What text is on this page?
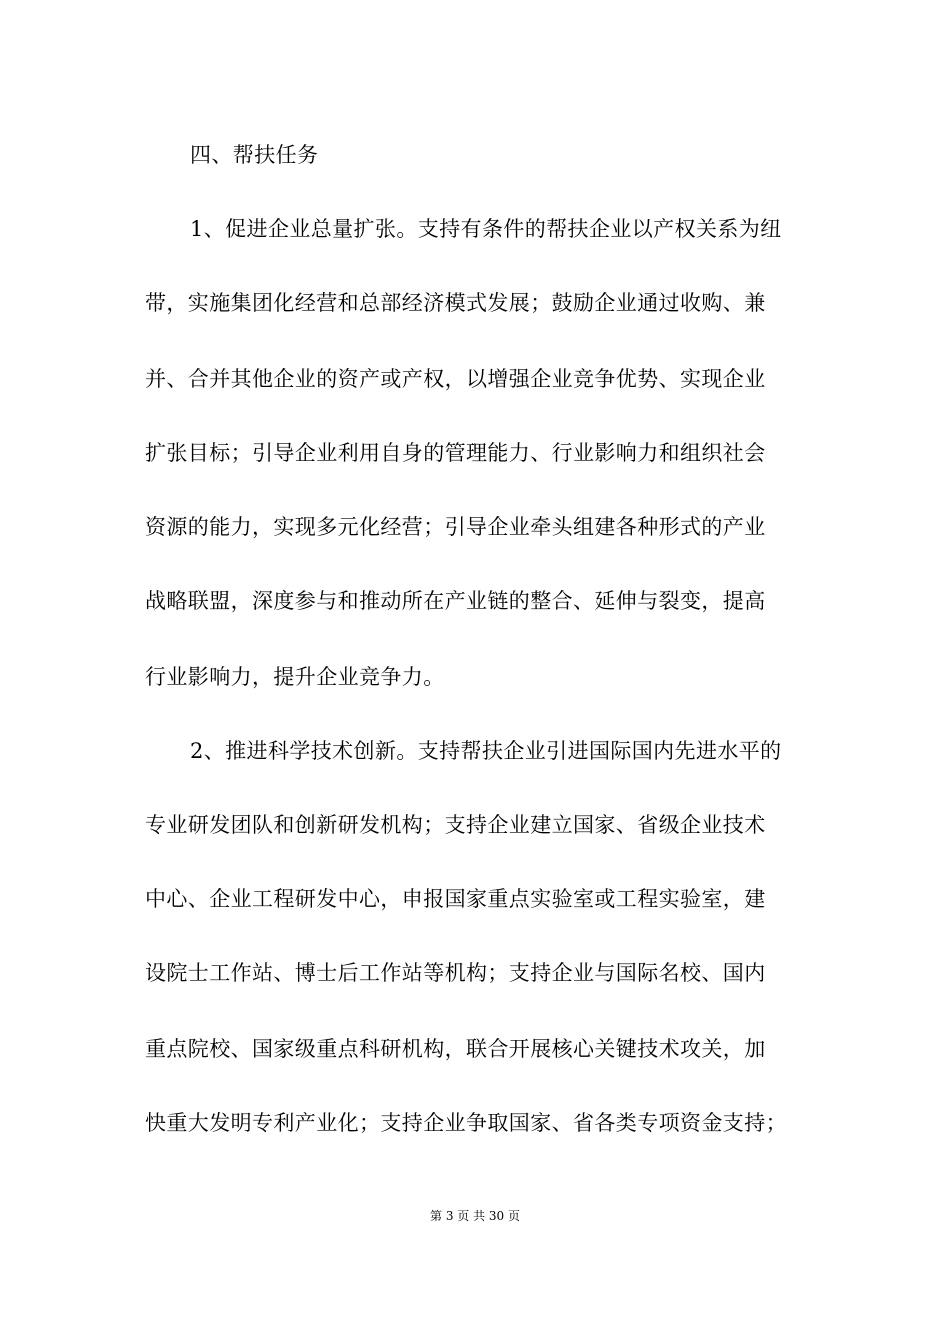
四、帮扶任务
1、促进企业总量扩张。支持有条件的帮扶企业以产权关系为纽
带，实施集团化经营和总部经济模式发展；鼓励企业通过收购、兼
并、合并其他企业的资产或产权，以增强企业竞争优势、实现企业
扩张目标；引导企业利用自身的管理能力、行业影响力和组织社会
资源的能力，实现多元化经营；引导企业牵头组建各种形式的产业
战略联盟，深度参与和推动所在产业链的整合、延伸与裂变，提高
行业影响力，提升企业竞争力。
2、推进科学技术创新。支持帮扶企业引进国际国内先进水平的
专业研发团队和创新研发机构；支持企业建立国家、省级企业技术
中心、企业工程研发中心，申报国家重点实验室或工程实验室，建
设院士工作站、博士后工作站等机构；支持企业与国际名校、国内
重点院校、国家级重点科研机构，联合开展核心关键技术攻关，加
快重大发明专利产业化；支持企业争取国家、省各类专项资金支持；
第 3 页 共 30 页
